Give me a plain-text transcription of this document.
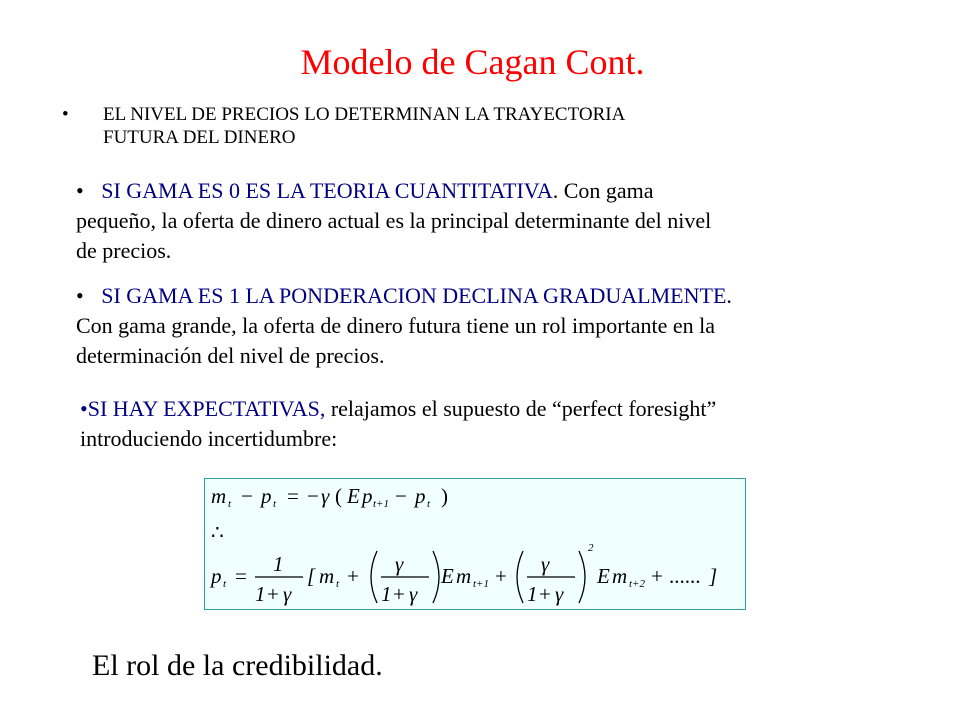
Modelo de Cagan Cont.
•	EL NIVEL DE PRECIOS LO DETERMINAN LA TRAYECTORIA
FUTURA DEL DINERO
• SI GAMA ES 0 ES LA TEORIA CUANTITATIVA. Con gama
pequeño, la oferta de dinero actual es la principal determinante del nivel
de precios.
• SI GAMA ES 1 LA PONDERACION DECLINA GRADUALMENTE.
Con gama grande, la oferta de dinero futura tiene un rol importante en la
determinación del nivel de precios.
•SI HAY EXPECTATIVAS, relajamos el supuesto de “perfect foresight”
introduciendo incertidumbre:
m t − p t = − γ ( E p t+1 − p t )
∴
p t = 1
1 + γ
[ m t + γ
1 + γ
E m t+1 + γ
1 + γ
2
E m t+2 + ...... ]
El rol de la credibilidad.
